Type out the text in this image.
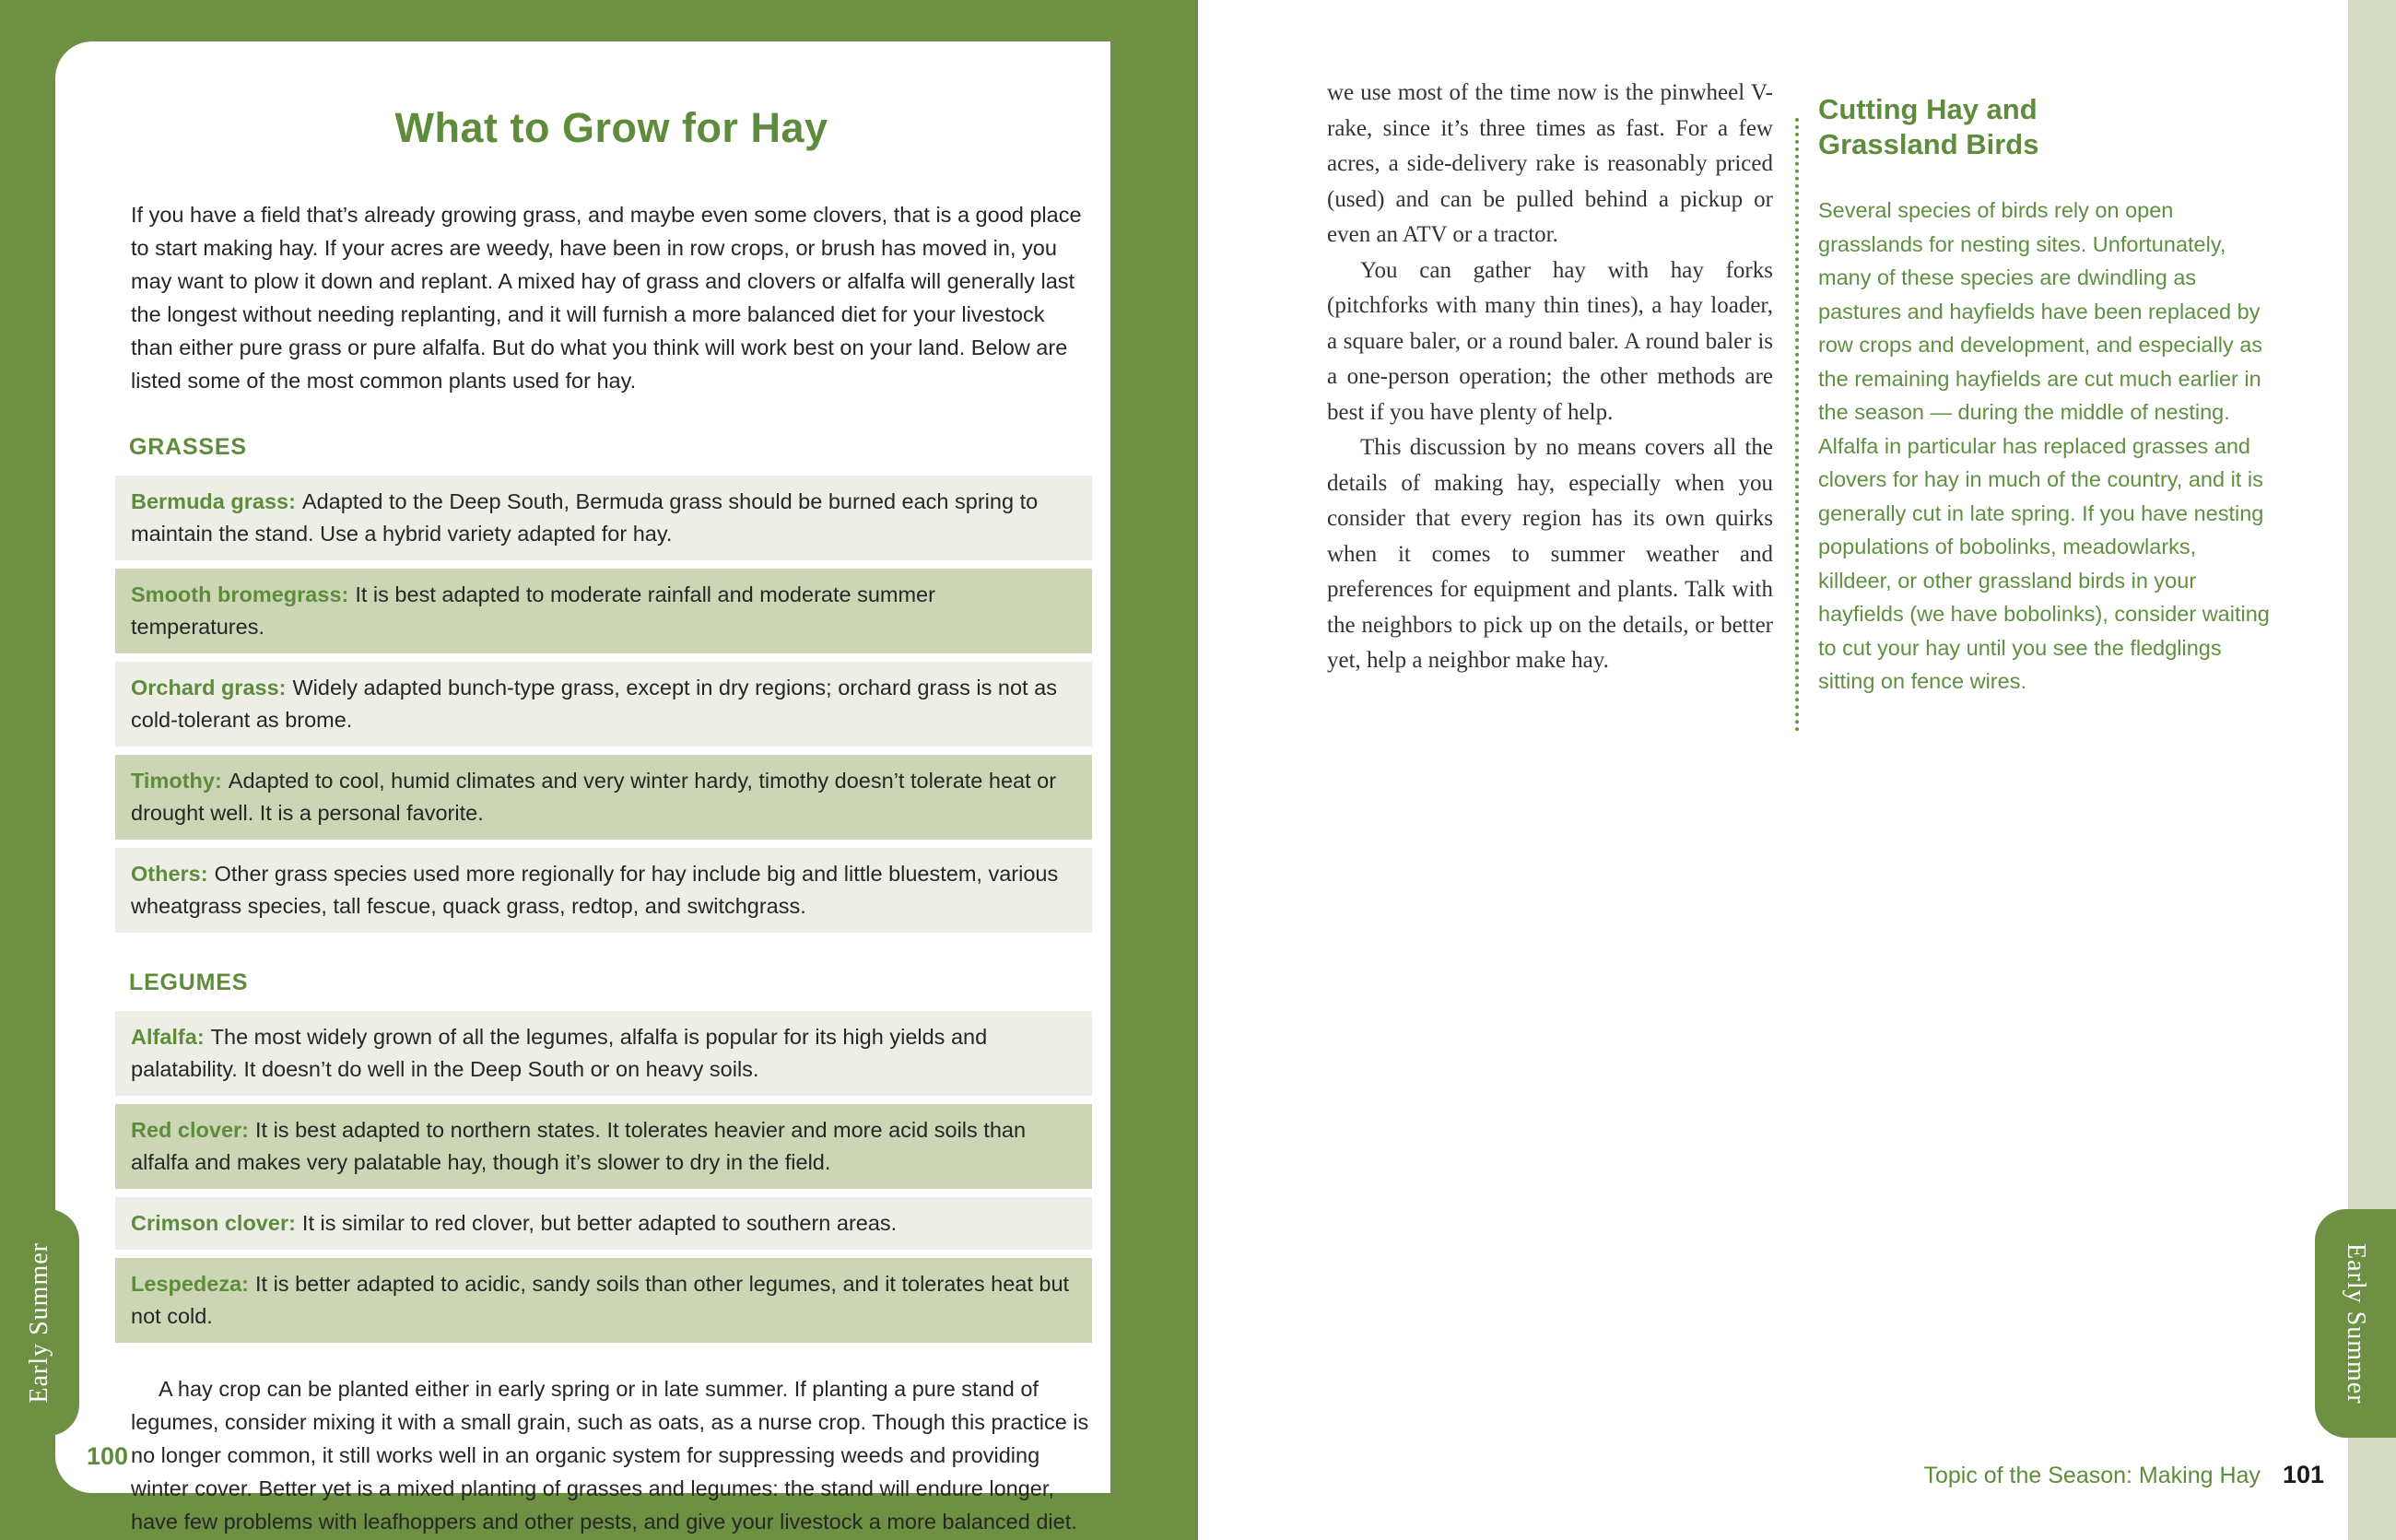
What to Grow for Hay

If you have a field that’s already growing grass, and maybe even some clovers, that is a good place to start making hay. If your acres are weedy, have been in row crops, or brush has moved in, you may want to plow it down and replant. A mixed hay of grass and clovers or alfalfa will generally last the longest without needing replanting, and it will furnish a more balanced diet for your livestock than either pure grass or pure alfalfa. But do what you think will work best on your land. Below are listed some of the most common plants used for hay.

GRASSES
Bermuda grass: Adapted to the Deep South, Bermuda grass should be burned each spring to maintain the stand. Use a hybrid variety adapted for hay.
Smooth bromegrass: It is best adapted to moderate rainfall and moderate summer temperatures.
Orchard grass: Widely adapted bunch-type grass, except in dry regions; orchard grass is not as cold-tolerant as brome.
Timothy: Adapted to cool, humid climates and very winter hardy, timothy doesn’t tolerate heat or drought well. It is a personal favorite.
Others: Other grass species used more regionally for hay include big and little bluestem, various wheatgrass species, tall fescue, quack grass, redtop, and switchgrass.
LEGUMES
Alfalfa: The most widely grown of all the legumes, alfalfa is popular for its high yields and palatability. It doesn’t do well in the Deep South or on heavy soils.
Red clover: It is best adapted to northern states. It tolerates heavier and more acid soils than alfalfa and makes very palatable hay, though it’s slower to dry in the field.
Crimson clover: It is similar to red clover, but better adapted to southern areas.
Lespedeza: It is better adapted to acidic, sandy soils than other legumes, and it tolerates heat but not cold.

A hay crop can be planted either in early spring or in late summer. If planting a pure stand of legumes, consider mixing it with a small grain, such as oats, as a nurse crop. Though this practice is no longer common, it still works well in an organic system for suppressing weeds and providing winter cover. Better yet is a mixed planting of grasses and legumes: the stand will endure longer, have few problems with leafhoppers and other pests, and give your livestock a more balanced diet.

100
Early Summer

we use most of the time now is the pinwheel V-rake, since it’s three times as fast. For a few acres, a side-delivery rake is reasonably priced (used) and can be pulled behind a pickup or even an ATV or a tractor.

You can gather hay with hay forks (pitchforks with many thin tines), a hay loader, a square baler, or a round baler. A round baler is a one-person operation; the other methods are best if you have plenty of help.

This discussion by no means covers all the details of making hay, especially when you consider that every region has its own quirks when it comes to summer weather and preferences for equipment and plants. Talk with the neighbors to pick up on the details, or better yet, help a neighbor make hay.

Cutting Hay and
Grassland Birds

Several species of birds rely on open grasslands for nesting sites. Unfortunately, many of these species are dwindling as pastures and hayfields have been replaced by row crops and development, and especially as the remaining hayfields are cut much earlier in the season — during the middle of nesting. Alfalfa in particular has replaced grasses and clovers for hay in much of the country, and it is generally cut in late spring. If you have nesting populations of bobolinks, meadowlarks, killdeer, or other grassland birds in your hayfields (we have bobolinks), consider waiting to cut your hay until you see the fledglings sitting on fence wires.

Topic of the Season: Making Hay 101
Early Summer
